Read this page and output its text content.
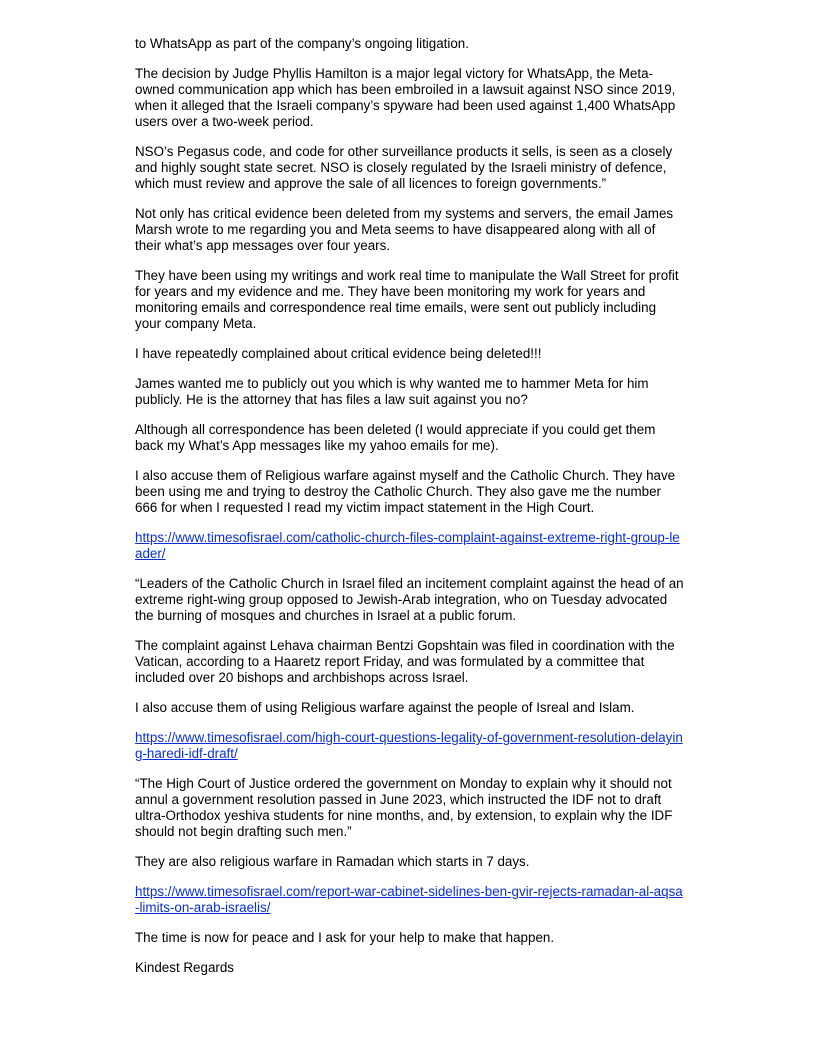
to WhatsApp as part of the company’s ongoing litigation.

The decision by Judge Phyllis Hamilton is a major legal victory for WhatsApp, the Meta-owned communication app which has been embroiled in a lawsuit against NSO since 2019, when it alleged that the Israeli company’s spyware had been used against 1,400 WhatsApp users over a two-week period.

NSO’s Pegasus code, and code for other surveillance products it sells, is seen as a closely and highly sought state secret. NSO is closely regulated by the Israeli ministry of defence, which must review and approve the sale of all licences to foreign governments.”

Not only has critical evidence been deleted from my systems and servers, the email James Marsh wrote to me regarding you and Meta seems to have disappeared along with all of their what’s app messages over four years.

They have been using my writings and work real time to manipulate the Wall Street for profit for years and my evidence and me. They have been monitoring my work for years and monitoring emails and correspondence real time emails, were sent out publicly including your company Meta.

I have repeatedly complained about critical evidence being deleted!!!

James wanted me to publicly out you which is why wanted me to hammer Meta for him publicly. He is the attorney that has files a law suit against you no?

Although all correspondence has been deleted (I would appreciate if you could get them back my What’s App messages like my yahoo emails for me).

I also accuse them of Religious warfare against myself and the Catholic Church. They have been using me and trying to destroy the Catholic Church. They also gave me the number 666 for when I requested I read my victim impact statement in the High Court.

https://www.timesofisrael.com/catholic-church-files-complaint-against-extreme-right-group-leader/

“Leaders of the Catholic Church in Israel filed an incitement complaint against the head of an extreme right-wing group opposed to Jewish-Arab integration, who on Tuesday advocated the burning of mosques and churches in Israel at a public forum.

The complaint against Lehava chairman Bentzi Gopshtain was filed in coordination with the Vatican, according to a Haaretz report Friday, and was formulated by a committee that included over 20 bishops and archbishops across Israel.

I also accuse them of using Religious warfare against the people of Isreal and Islam.

https://www.timesofisrael.com/high-court-questions-legality-of-government-resolution-delaying-haredi-idf-draft/

“The High Court of Justice ordered the government on Monday to explain why it should not annul a government resolution passed in June 2023, which instructed the IDF not to draft ultra-Orthodox yeshiva students for nine months, and, by extension, to explain why the IDF should not begin drafting such men.”

They are also religious warfare in Ramadan which starts in 7 days.

https://www.timesofisrael.com/report-war-cabinet-sidelines-ben-gvir-rejects-ramadan-al-aqsa-limits-on-arab-israelis/

The time is now for peace and I ask for your help to make that happen.

Kindest Regards
